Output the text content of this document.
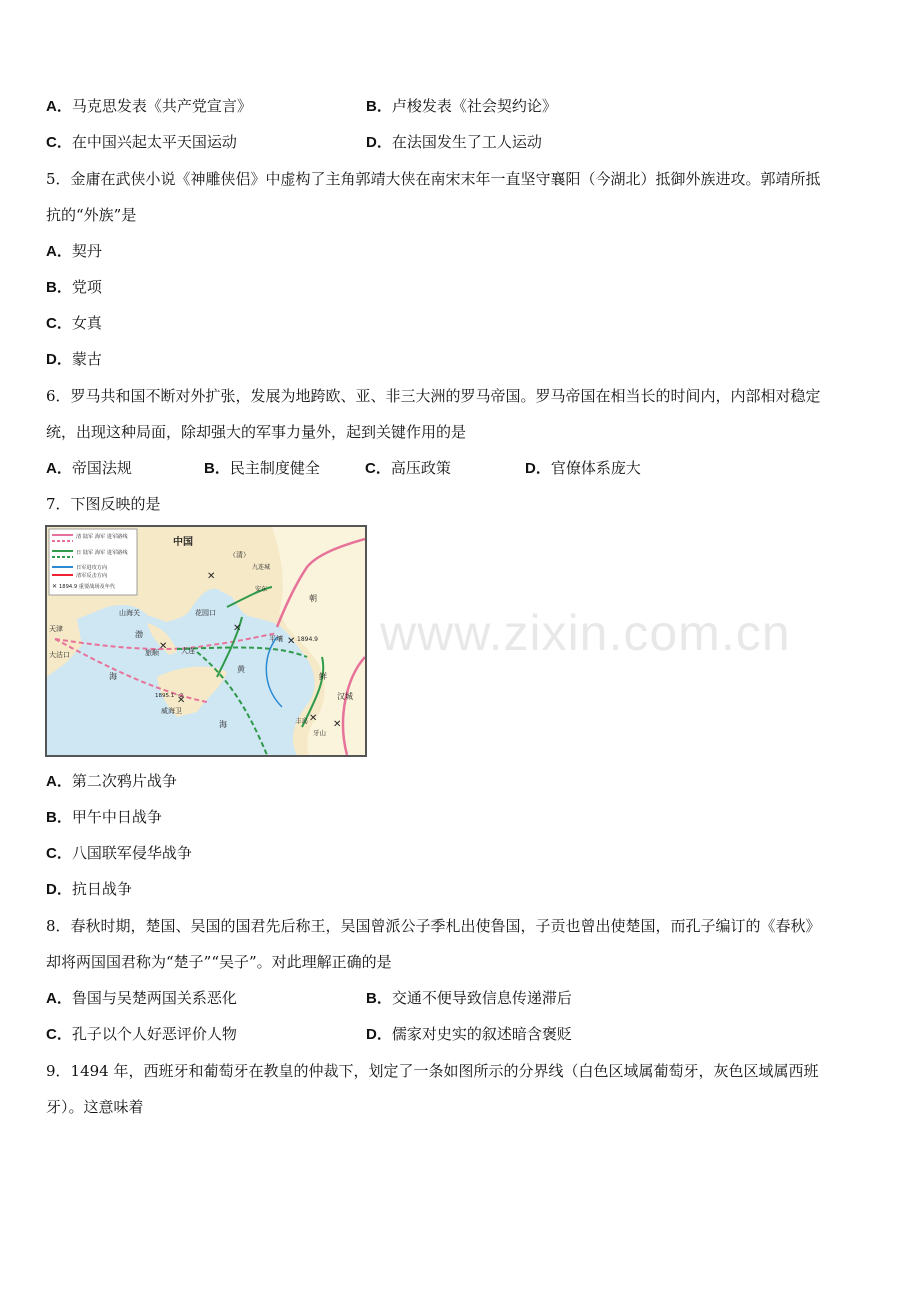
A．马克思发表《共产党宣言》	B．卢梭发表《社会契约论》
C．在中国兴起太平天国运动	D．在法国发生了工人运动
5．金庸在武侠小说《神雕侠侣》中虚构了主角郭靖大侠在南宋末年一直坚守襄阳（今湖北）抵御外族进攻。郭靖所抵
抗的“外族”是
A．契丹
B．党项
C．女真
D．蒙古
6．罗马共和国不断对外扩张，发展为地跨欧、亚、非三大洲的罗马帝国。罗马帝国在相当长的时间内，内部相对稳定
统，出现这种局面，除却强大的军事力量外，起到关键作用的是
A．帝国法规	B．民主制度健全	C．高压政策	D．官僚体系庞大
7．下图反映的是
✕
清 陆军 海军 进军路线
日 陆军 海军 进军路线
日军进攻方向
清军反击方向
1894.9 重要战场及年代
✕
✕
✕	✕
✕
✕
✕
中国
（清）
九连城
安东
朝
鲜
山海关	花园口
天津
大沽口	旅顺	大连
平壤 1894.9
渤
海
黄
海
汉城
威海卫
1895.1～2
丰岛
牙山
A．第二次鸦片战争
B．甲午中日战争
C．八国联军侵华战争
D．抗日战争
8．春秋时期，楚国、吴国的国君先后称王，吴国曾派公子季札出使鲁国，子贡也曾出使楚国，而孔子编订的《春秋》
却将两国国君称为“楚子”“吴子”。对此理解正确的是
A．鲁国与吴楚两国关系恶化	B．交通不便导致信息传递滞后
C．孔子以个人好恶评价人物	D．儒家对史实的叙述暗含褒贬
9．1494 年，西班牙和葡萄牙在教皇的仲裁下，划定了一条如图所示的分界线（白色区域属葡萄牙，灰色区域属西班
牙）。这意味着
www.zixin.com.cn
